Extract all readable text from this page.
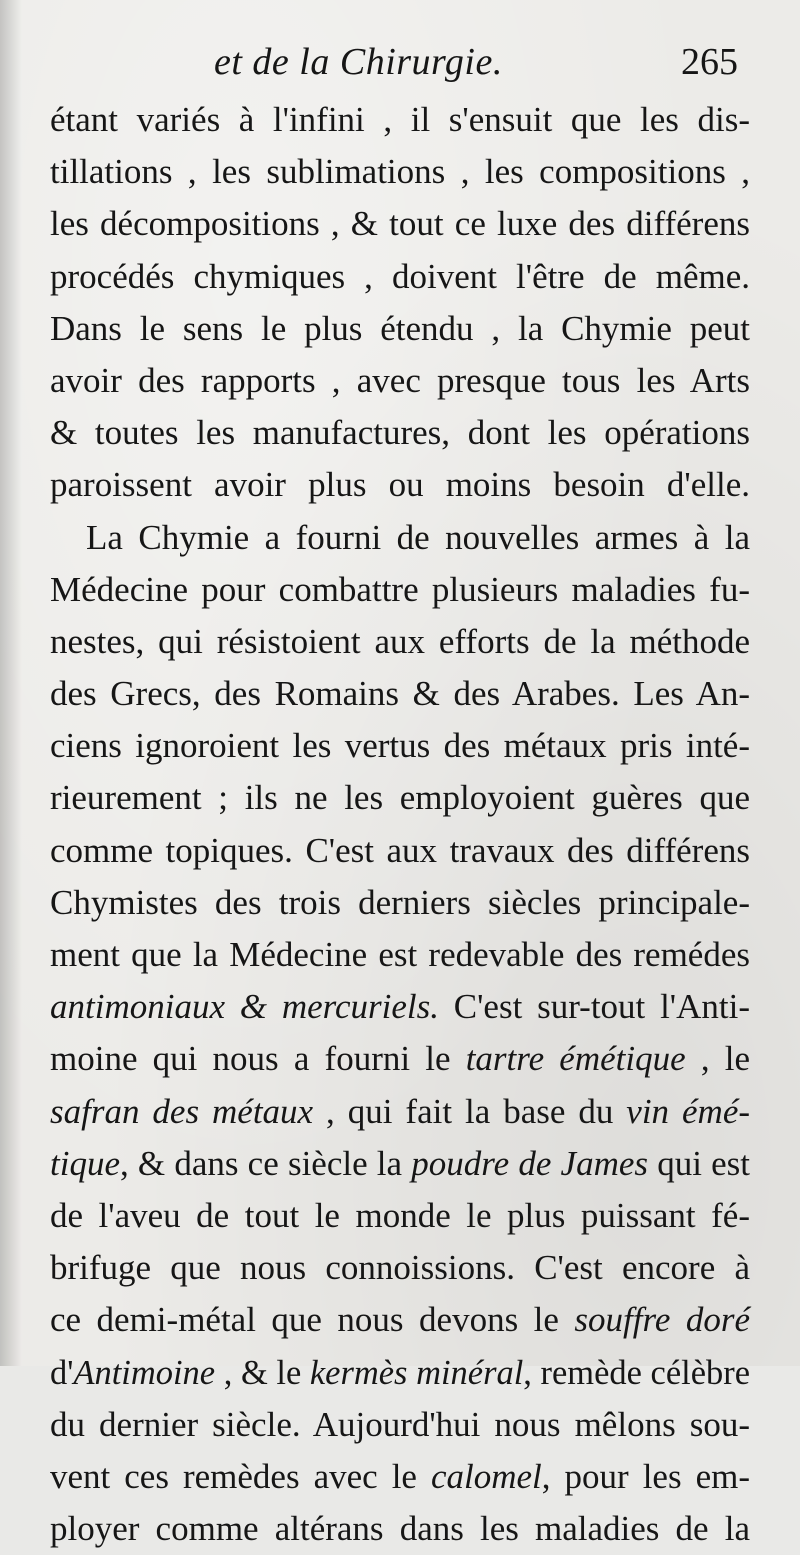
et de la Chirurgie.	265
étant variés à l'infini , il s'ensuit que les dis-
tillations , les sublimations , les compositions ,
les décompositions , & tout ce luxe des différens
procédés chymiques , doivent l'être de même.
Dans le sens le plus étendu , la Chymie peut
avoir des rapports , avec presque tous les Arts
& toutes les manufactures, dont les opérations
paroissent avoir plus ou moins besoin d'elle.
La Chymie a fourni de nouvelles armes à la
Médecine pour combattre plusieurs maladies fu-
nestes, qui résistoient aux efforts de la méthode
des Grecs, des Romains & des Arabes. Les An-
ciens ignoroient les vertus des métaux pris inté-
rieurement ; ils ne les employoient guères que
comme topiques. C'est aux travaux des différens
Chymistes des trois derniers siècles principale-
ment que la Médecine est redevable des remédes
antimoniaux & mercuriels. C'est sur-tout l'Anti-
moine qui nous a fourni le tartre émétique , le
safran des métaux , qui fait la base du vin émé-
tique, & dans ce siècle la poudre de James qui est
de l'aveu de tout le monde le plus puissant fé-
brifuge que nous connoissions. C'est encore à
ce demi-métal que nous devons le souffre doré
d'Antimoine , & le kermès minéral, remède célèbre
du dernier siècle. Aujourd'hui nous mêlons sou-
vent ces remèdes avec le calomel, pour les em-
ployer comme altérans dans les maladies de la
